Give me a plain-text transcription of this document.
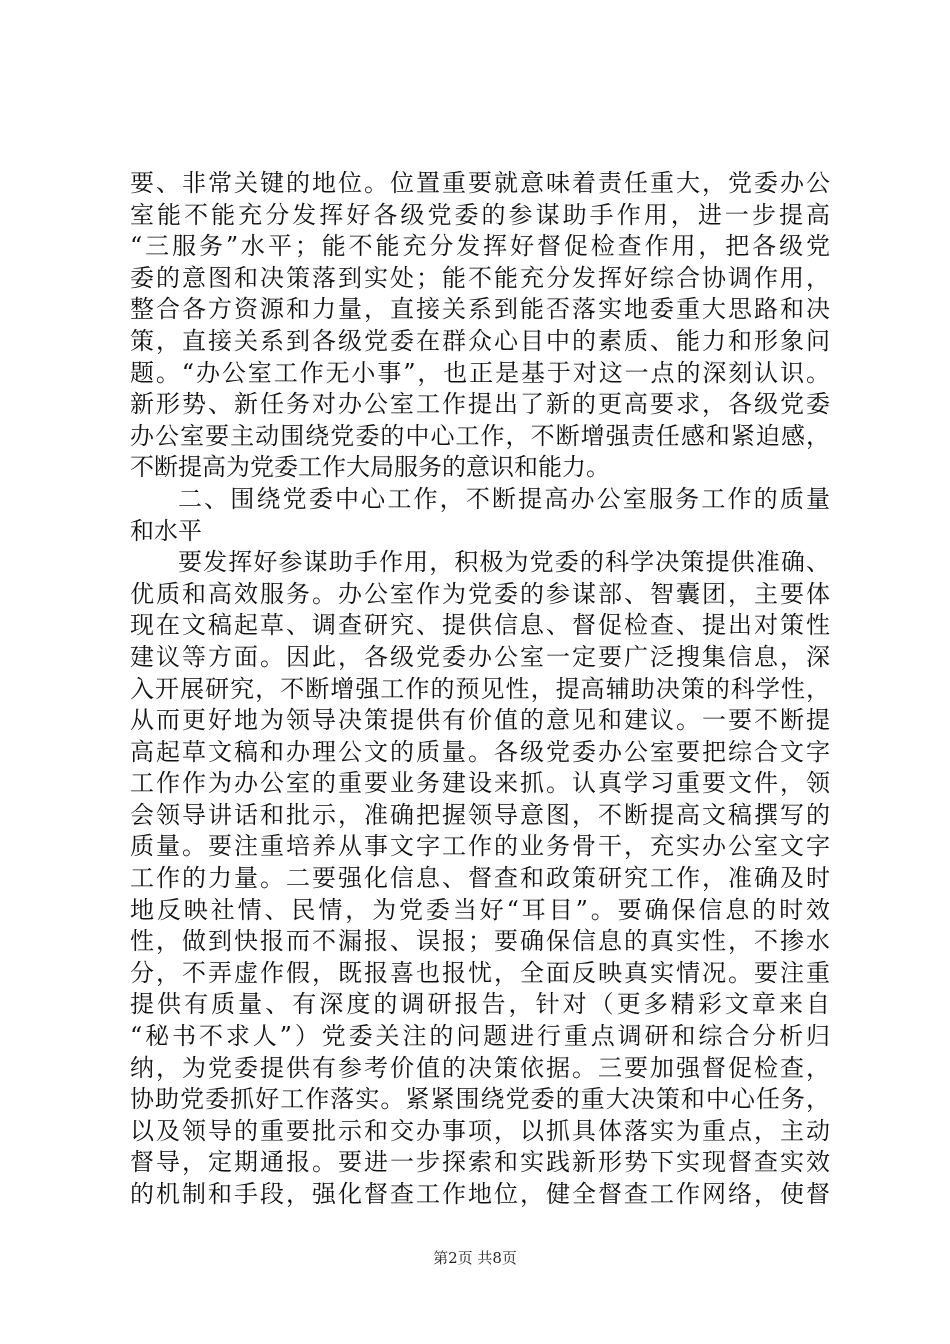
要、非常关键的地位。位置重要就意味着责任重大，党委办公
室能不能充分发挥好各级党委的参谋助手作用，进一步提高
“三服务”水平；能不能充分发挥好督促检查作用，把各级党
委的意图和决策落到实处；能不能充分发挥好综合协调作用，
整合各方资源和力量，直接关系到能否落实地委重大思路和决
策，直接关系到各级党委在群众心目中的素质、能力和形象问
题。“办公室工作无小事”，也正是基于对这一点的深刻认识。
新形势、新任务对办公室工作提出了新的更高要求，各级党委
办公室要主动围绕党委的中心工作，不断增强责任感和紧迫感，
不断提高为党委工作大局服务的意识和能力。
二、围绕党委中心工作，不断提高办公室服务工作的质量
和水平
要发挥好参谋助手作用，积极为党委的科学决策提供准确、
优质和高效服务。办公室作为党委的参谋部、智囊团，主要体
现在文稿起草、调查研究、提供信息、督促检查、提出对策性
建议等方面。因此，各级党委办公室一定要广泛搜集信息，深
入开展研究，不断增强工作的预见性，提高辅助决策的科学性，
从而更好地为领导决策提供有价值的意见和建议。一要不断提
高起草文稿和办理公文的质量。各级党委办公室要把综合文字
工作作为办公室的重要业务建设来抓。认真学习重要文件，领
会领导讲话和批示，准确把握领导意图，不断提高文稿撰写的
质量。要注重培养从事文字工作的业务骨干，充实办公室文字
工作的力量。二要强化信息、督查和政策研究工作，准确及时
地反映社情、民情，为党委当好“耳目”。要确保信息的时效
性，做到快报而不漏报、误报；要确保信息的真实性，不掺水
分，不弄虚作假，既报喜也报忧，全面反映真实情况。要注重
提供有质量、有深度的调研报告，针对（更多精彩文章来自
“秘书不求人”）党委关注的问题进行重点调研和综合分析归
纳，为党委提供有参考价值的决策依据。三要加强督促检查，
协助党委抓好工作落实。紧紧围绕党委的重大决策和中心任务，
以及领导的重要批示和交办事项，以抓具体落实为重点，主动
督导，定期通报。要进一步探索和实践新形势下实现督查实效
的机制和手段，强化督查工作地位，健全督查工作网络，使督
第2页 共8页
